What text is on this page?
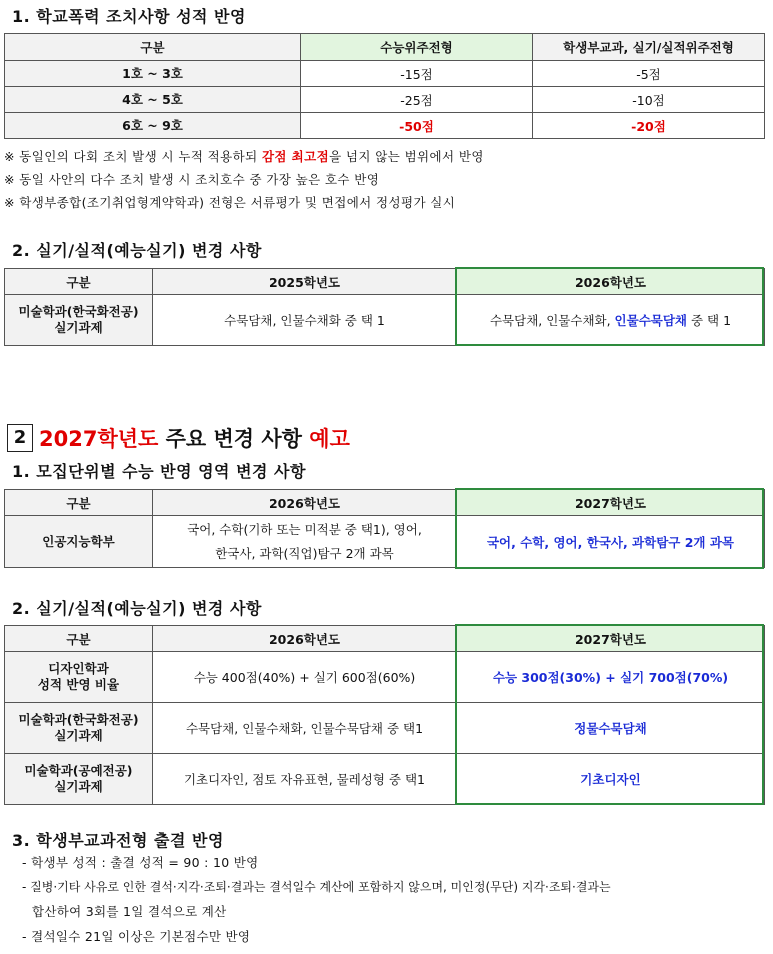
1. 학교폭력 조치사항 성적 반영
구분	수능위주전형	학생부교과, 실기/실적위주전형
1호 ~ 3호	-15점	-5점
4호 ~ 5호	-25점	-10점
6호 ~ 9호	-50점	-20점
※ 동일인의 다회 조치 발생 시 누적 적용하되 감점 최고점을 넘지 않는 범위에서 반영
※ 동일 사안의 다수 조치 발생 시 조치호수 중 가장 높은 호수 반영
※ 학생부종합(조기취업형계약학과) 전형은 서류평가 및 면접에서 정성평가 실시
2. 실기/실적(예능실기) 변경 사항
구분	2025학년도	2026학년도
미술학과(한국화전공)
실기과제	수묵담채, 인물수채화 중 택 1	수묵담채, 인물수채화, 인물수묵담채 중 택 1
2 2027학년도 주요 변경 사항 예고
1. 모집단위별 수능 반영 영역 변경 사항
구분	2026학년도	2027학년도
인공지능학부	국어, 수학(기하 또는 미적분 중 택1), 영어,
한국사, 과학(직업)탐구 2개 과목	국어, 수학, 영어, 한국사, 과학탐구 2개 과목
2. 실기/실적(예능실기) 변경 사항
구분	2026학년도	2027학년도
디자인학과
성적 반영 비율	수능 400점(40%) + 실기 600점(60%)	수능 300점(30%) + 실기 700점(70%)
미술학과(한국화전공)
실기과제	수묵담채, 인물수채화, 인물수묵담채 중 택1	정물수묵담채
미술학과(공예전공)
실기과제	기초디자인, 점토 자유표현, 물레성형 중 택1	기초디자인
3. 학생부교과전형 출결 반영
- 학생부 성적 : 출결 성적 = 90 : 10 반영
- 질병·기타 사유로 인한 결석·지각·조퇴·결과는 결석일수 계산에 포함하지 않으며, 미인정(무단) 지각·조퇴·결과는
합산하여 3회를 1일 결석으로 계산
- 결석일수 21일 이상은 기본점수만 반영
